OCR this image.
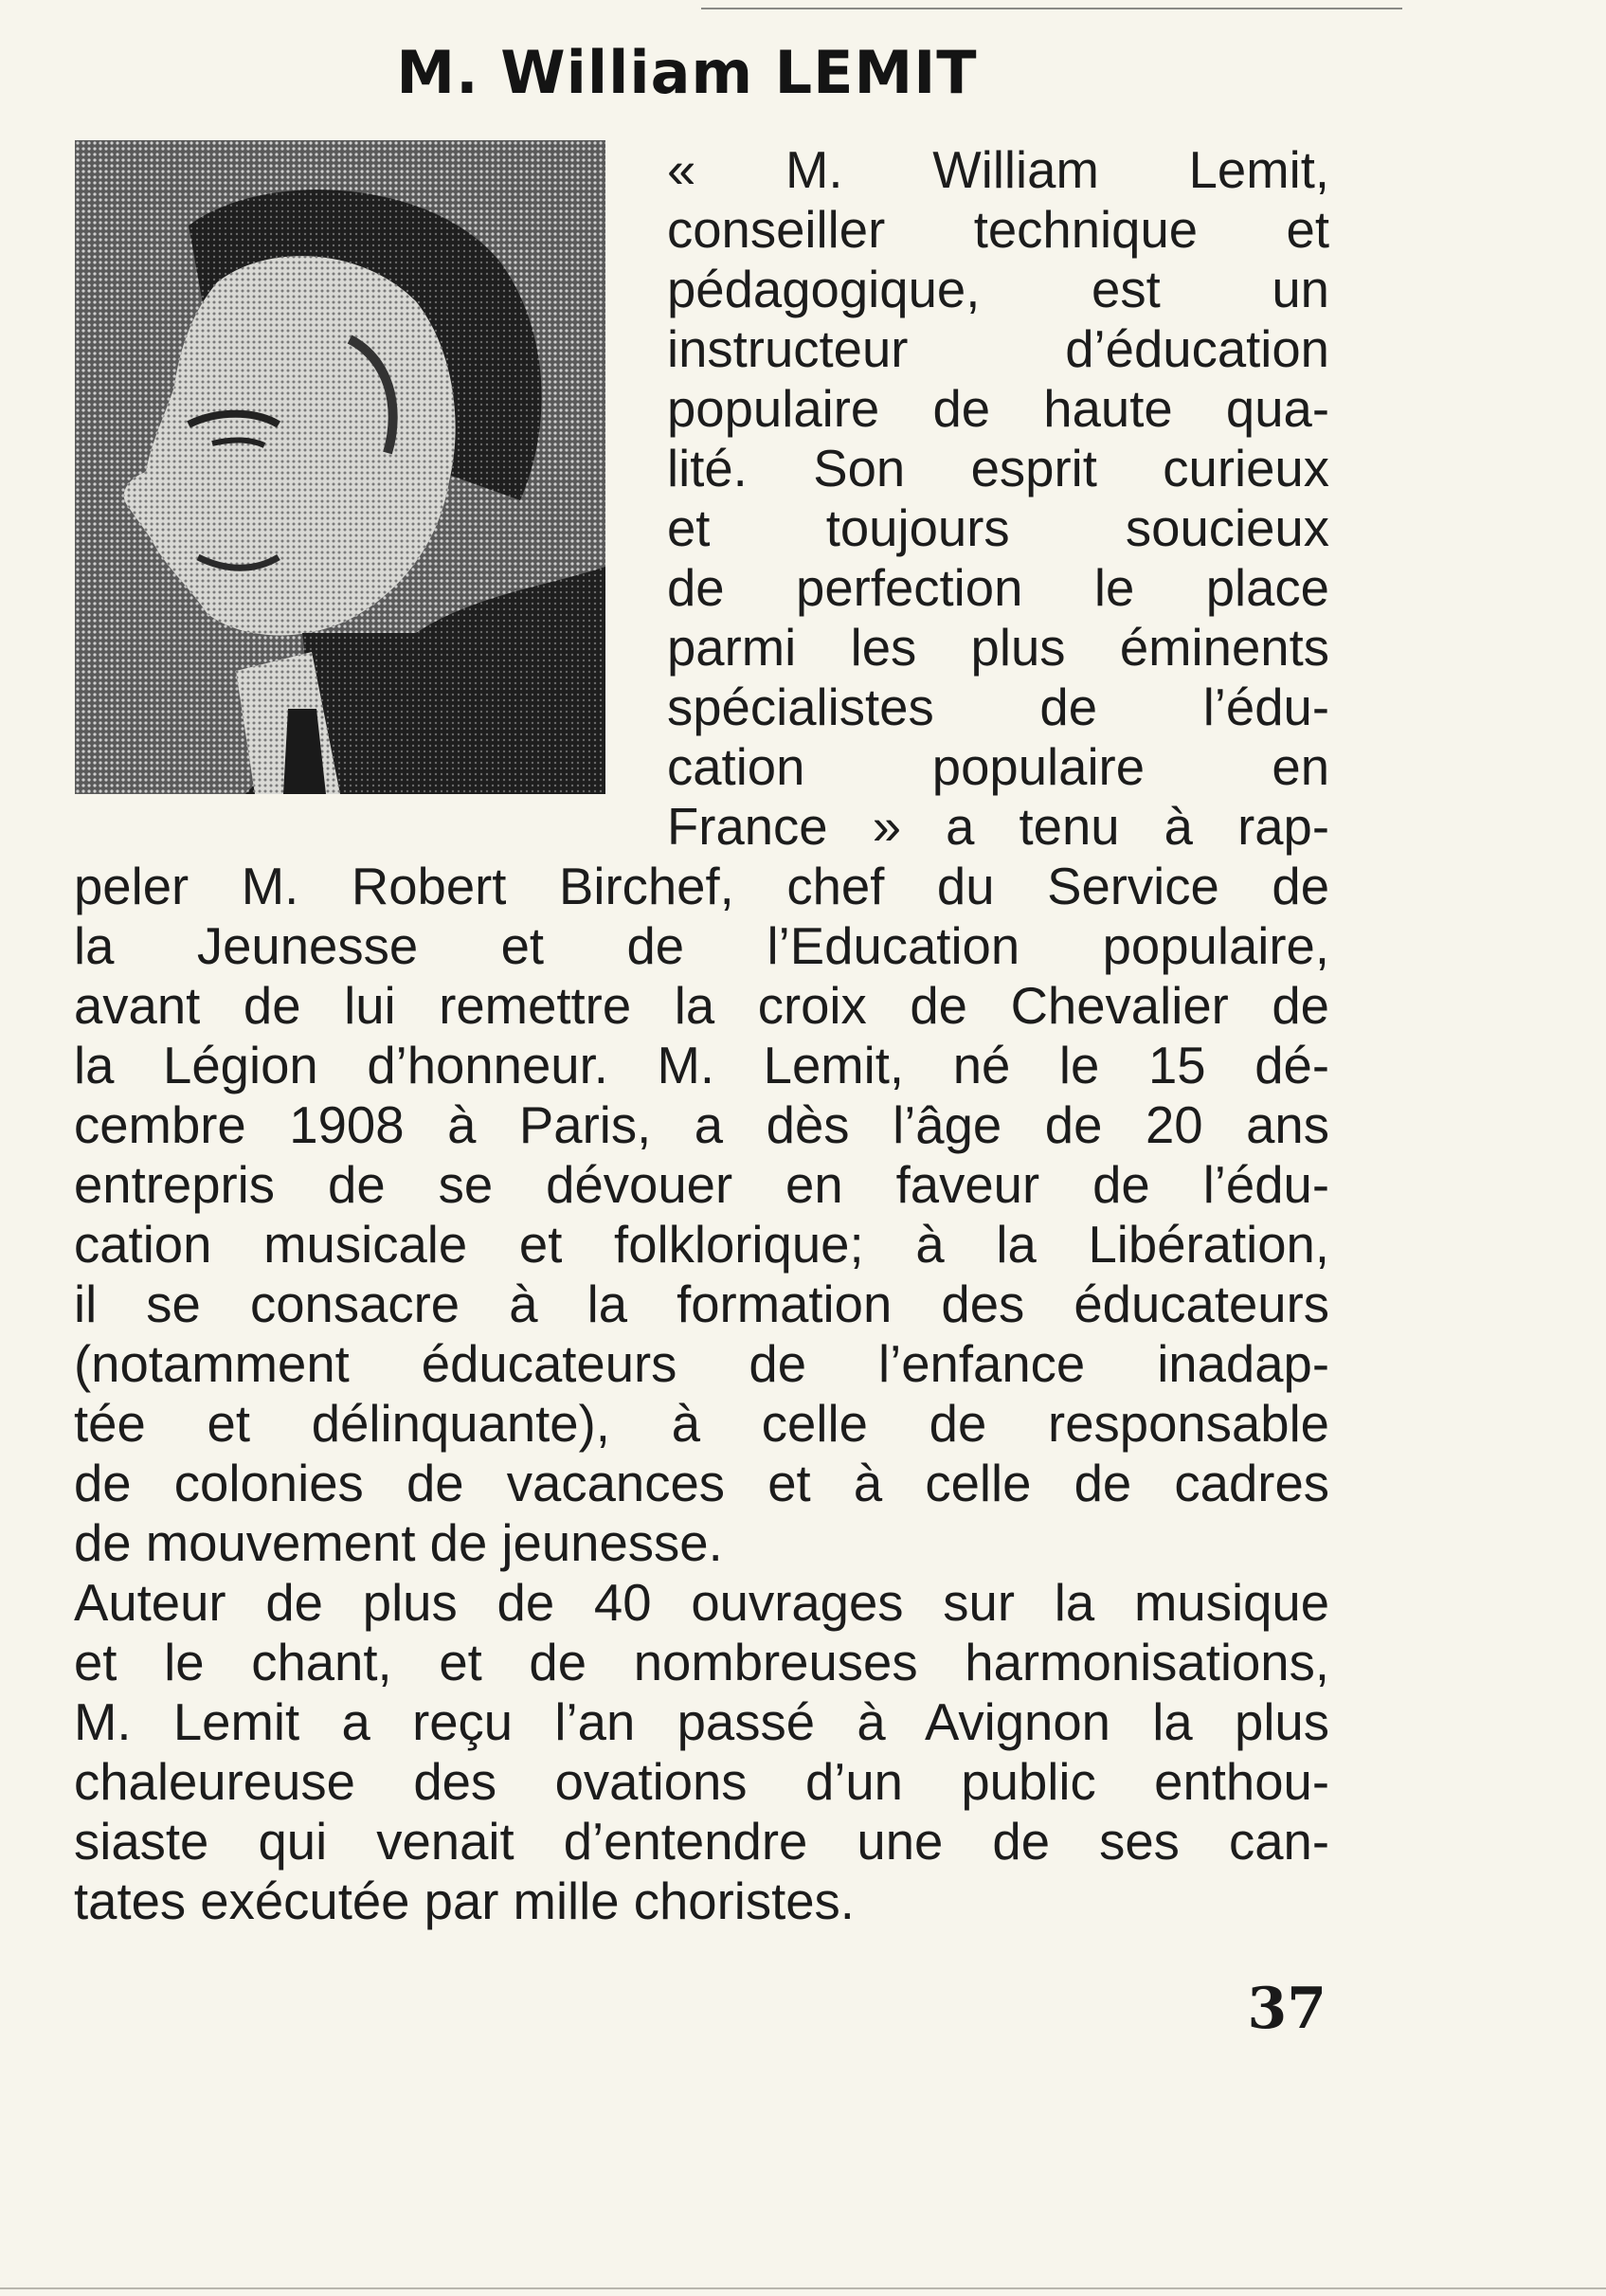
M. William LEMIT
« M. William Lemit,
conseiller technique et
pédagogique, est un
instructeur d’éducation
populaire de haute qua-
lité. Son esprit curieux
et toujours soucieux
de perfection le place
parmi les plus éminents
spécialistes de l’édu-
cation populaire en
France » a tenu à rap-
peler M. Robert Birchef, chef du Service de
la Jeunesse et de l’Education populaire,
avant de lui remettre la croix de Chevalier de
la Légion d’honneur. M. Lemit, né le 15 dé-
cembre 1908 à Paris, a dès l’âge de 20 ans
entrepris de se dévouer en faveur de l’édu-
cation musicale et folklorique; à la Libération,
il se consacre à la formation des éducateurs
(notamment éducateurs de l’enfance inadap-
tée et délinquante), à celle de responsable
de colonies de vacances et à celle de cadres
de mouvement de jeunesse.
Auteur de plus de 40 ouvrages sur la musique
et le chant, et de nombreuses harmonisations,
M. Lemit a reçu l’an passé à Avignon la plus
chaleureuse des ovations d’un public enthou-
siaste qui venait d’entendre une de ses can-
tates exécutée par mille choristes.
37
